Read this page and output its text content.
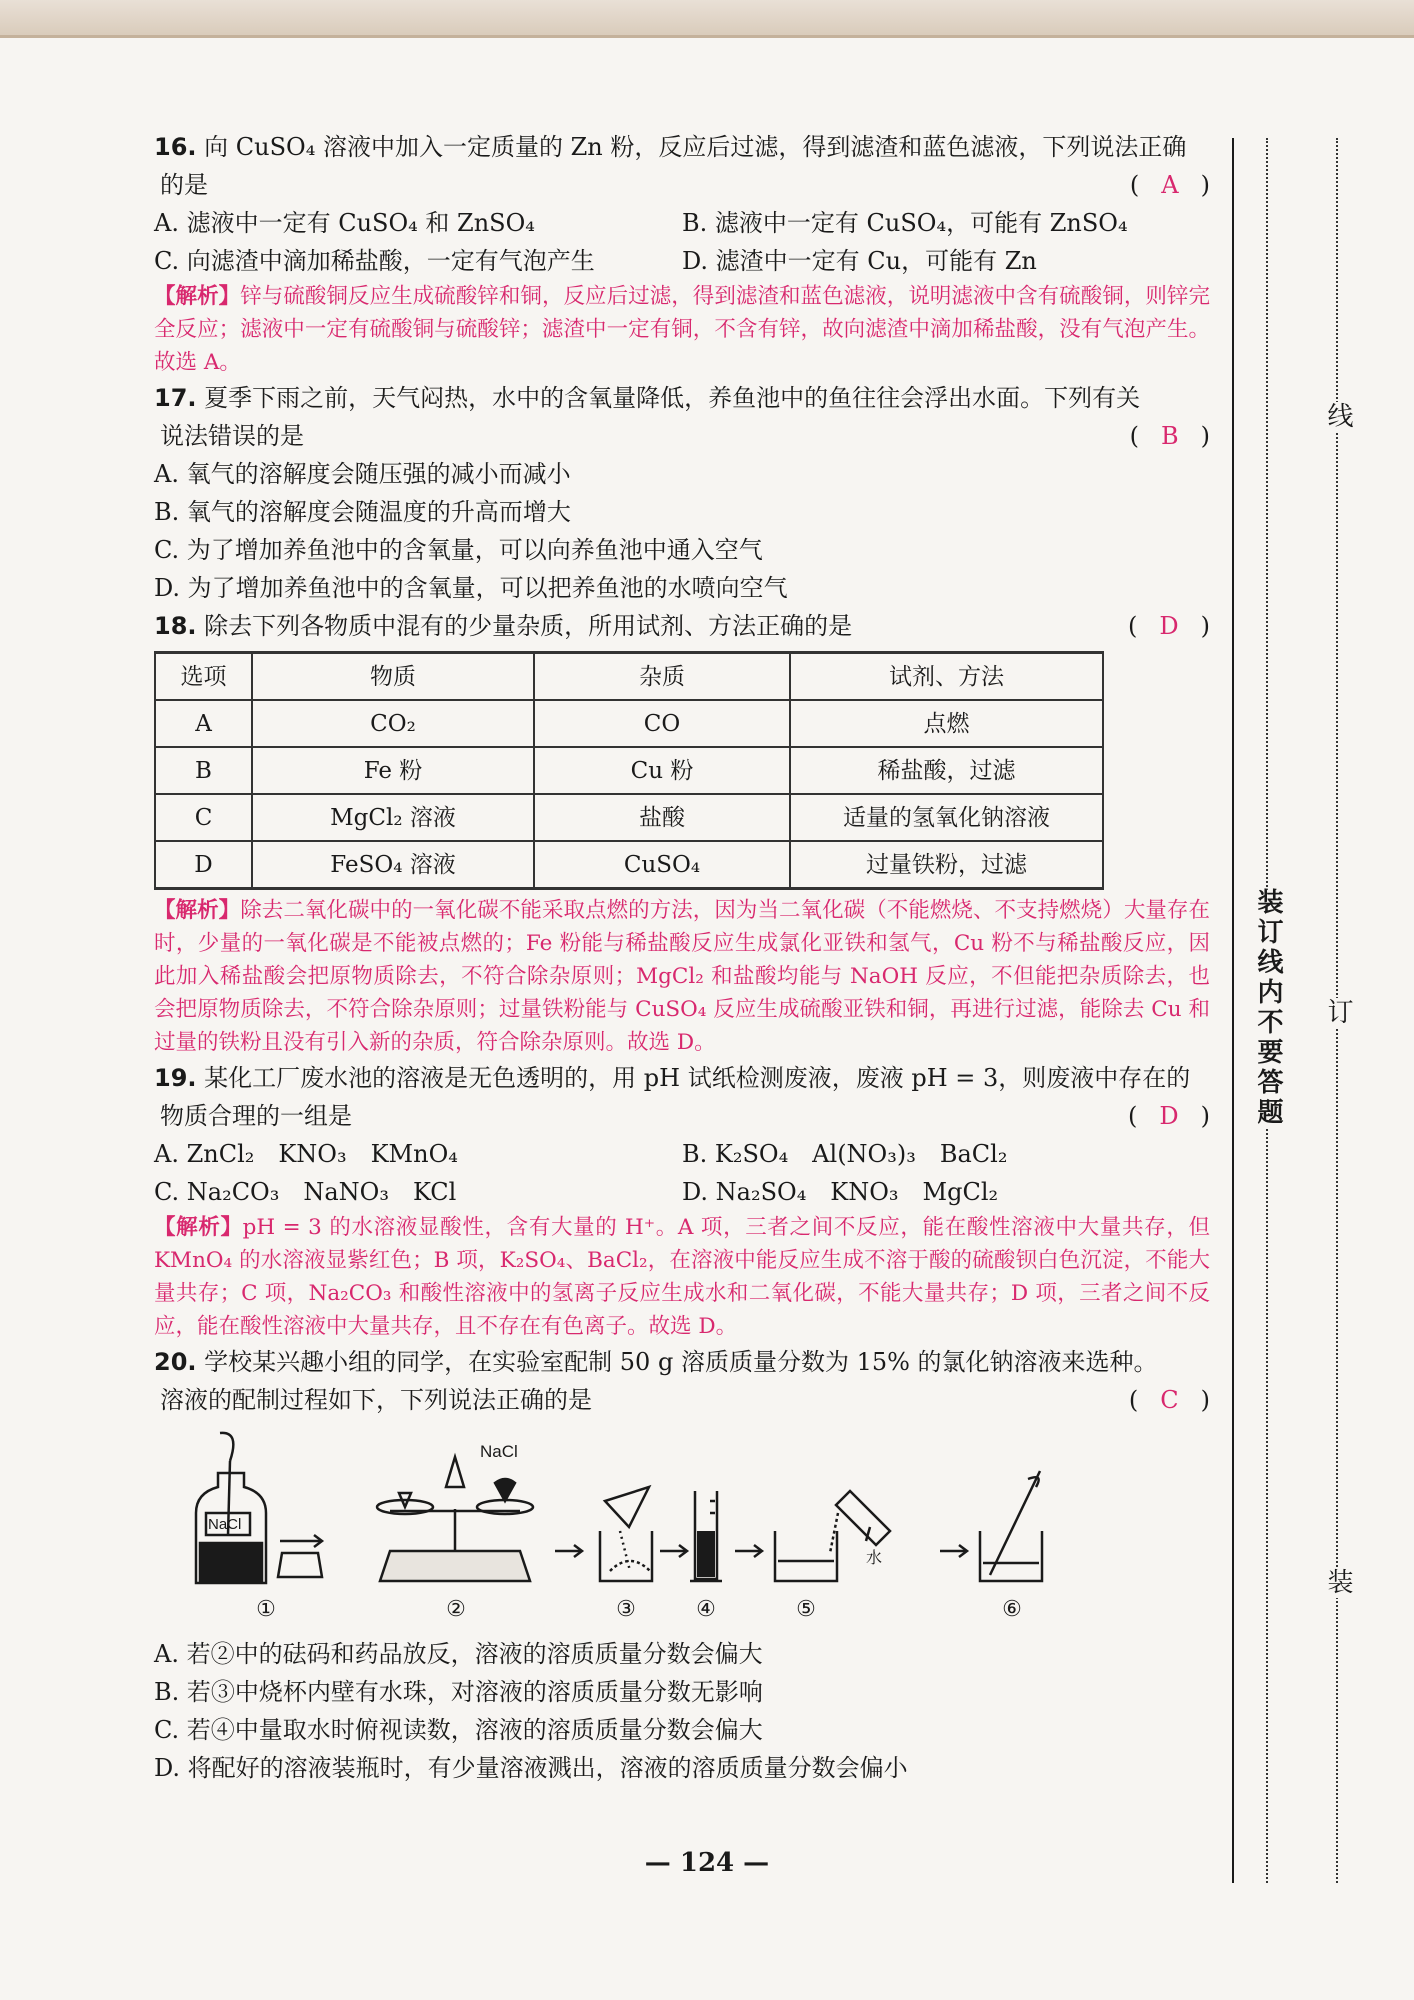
16. 向 CuSO₄ 溶液中加入一定质量的 Zn 粉，反应后过滤，得到滤渣和蓝色滤液，下列说法正确
的是	( A )
A. 滤液中一定有 CuSO₄ 和 ZnSO₄	B. 滤液中一定有 CuSO₄，可能有 ZnSO₄
C. 向滤渣中滴加稀盐酸，一定有气泡产生	D. 滤渣中一定有 Cu，可能有 Zn
【解析】锌与硫酸铜反应生成硫酸锌和铜，反应后过滤，得到滤渣和蓝色滤液，说明滤液中含有硫酸铜，则锌完全反应；滤液中一定有硫酸铜与硫酸锌；滤渣中一定有铜，不含有锌，故向滤渣中滴加稀盐酸，没有气泡产生。故选 A。
17. 夏季下雨之前，天气闷热，水中的含氧量降低，养鱼池中的鱼往往会浮出水面。下列有关
说法错误的是	( B )
A. 氧气的溶解度会随压强的减小而减小
B. 氧气的溶解度会随温度的升高而增大
C. 为了增加养鱼池中的含氧量，可以向养鱼池中通入空气
D. 为了增加养鱼池中的含氧量，可以把养鱼池的水喷向空气
18. 除去下列各物质中混有的少量杂质，所用试剂、方法正确的是	( D )
选项	物质	杂质	试剂、方法
A	CO₂	CO	点燃
B	Fe 粉	Cu 粉	稀盐酸，过滤
C	MgCl₂ 溶液	盐酸	适量的氢氧化钠溶液
D	FeSO₄ 溶液	CuSO₄	过量铁粉，过滤
【解析】除去二氧化碳中的一氧化碳不能采取点燃的方法，因为当二氧化碳（不能燃烧、不支持燃烧）大量存在时，少量的一氧化碳是不能被点燃的；Fe 粉能与稀盐酸反应生成氯化亚铁和氢气，Cu 粉不与稀盐酸反应，因此加入稀盐酸会把原物质除去，不符合除杂原则；MgCl₂ 和盐酸均能与 NaOH 反应，不但能把杂质除去，也会把原物质除去，不符合除杂原则；过量铁粉能与 CuSO₄ 反应生成硫酸亚铁和铜，再进行过滤，能除去 Cu 和过量的铁粉且没有引入新的杂质，符合除杂原则。故选 D。
19. 某化工厂废水池的溶液是无色透明的，用 pH 试纸检测废液，废液 pH = 3，则废液中存在的
物质合理的一组是	( D )
A. ZnCl₂　KNO₃　KMnO₄	B. K₂SO₄　Al(NO₃)₃　BaCl₂
C. Na₂CO₃　NaNO₃　KCl	D. Na₂SO₄　KNO₃　MgCl₂
【解析】pH = 3 的水溶液显酸性，含有大量的 H⁺。A 项，三者之间不反应，能在酸性溶液中大量共存，但 KMnO₄ 的水溶液显紫红色；B 项，K₂SO₄、BaCl₂，在溶液中能反应生成不溶于酸的硫酸钡白色沉淀，不能大量共存；C 项，Na₂CO₃ 和酸性溶液中的氢离子反应生成水和二氧化碳，不能大量共存；D 项，三者之间不反应，能在酸性溶液中大量共存，且不存在有色离子。故选 D。
20. 学校某兴趣小组的同学，在实验室配制 50 g 溶质质量分数为 15% 的氯化钠溶液来选种。
溶液的配制过程如下，下列说法正确的是	( C )
NaCl
NaCl
水
①	②	③	④	⑤	⑥
A. 若②中的砝码和药品放反，溶液的溶质质量分数会偏大
B. 若③中烧杯内壁有水珠，对溶液的溶质质量分数无影响
C. 若④中量取水时俯视读数，溶液的溶质质量分数会偏大
D. 将配好的溶液装瓶时，有少量溶液溅出，溶液的溶质质量分数会偏小
— 124 —
线
订
装
装订线内不要答题
